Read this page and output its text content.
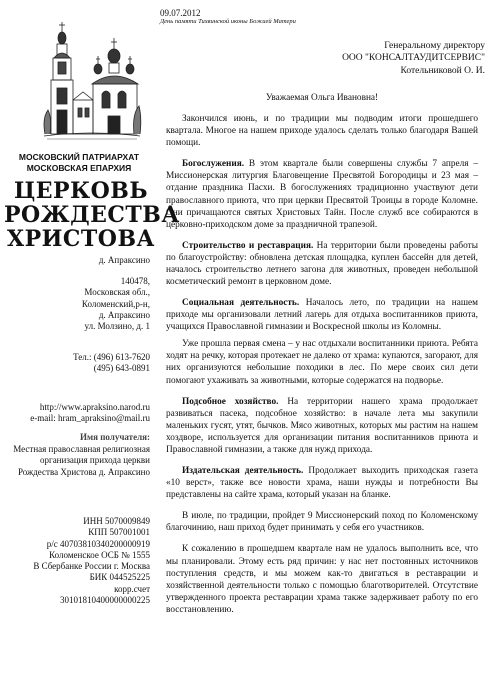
09.07.2012
День памяти Тихвинской иконы Божией Матери
МОСКОВСКИЙ ПАТРИАРХАТ
МОСКОВСКАЯ ЕПАРХИЯ
ЦЕРКОВЬ
РОЖДЕСТВА
ХРИСТОВА
д. Апраксино
140478,
Московская обл.,
Коломенский,р-н,
д. Апраксино
ул. Молзино, д. 1
Тел.: (496) 613-7620
(495) 643-0891
http://www.apraksino.narod.ru
e-mail: hram_apraksino@mail.ru
Имя получателя:
Местная православная религиозная организация прихода церкви Рождества Христова д. Апраксино
ИНН 5070009849
КПП 507001001
р/с 40703810340200000919
Коломенское ОСБ № 1555
В Сбербанке России г. Москва
БИК 044525225
корр.счет
30101810400000000225
Генеральному директору
ООО "КОНСАЛТАУДИТСЕРВИС"
Котельниковой О. И.

Уважаемая Ольга Ивановна!

Закончился июнь, и по традиции мы подводим итоги прошедшего квартала. Многое на нашем приходе удалось сделать только благодаря Вашей помощи.

Богослужения. В этом квартале были совершены службы 7 апреля – Миссионерская литургия Благовещение Пресвятой Богородицы и 23 мая – отдание праздника Пасхи. В богослужениях традиционно участвуют дети православного приюта, что при церкви Пресвятой Троицы в городе Коломне. Они причащаются святых Христовых Тайн. После служб все собираются в церковно-приходском доме за праздничной трапезой.

Строительство и реставрация. На территории были проведены работы по благоустройству: обновлена детская площадка, куплен бассейн для детей, началось строительство летнего загона для животных, проведен небольшой косметический ремонт в церковном доме.

Социальная деятельность. Началось лето, по традиции на нашем приходе мы организовали летний лагерь для отдыха воспитанников приюта, учащихся Православной гимназии и Воскресной школы из Коломны.

Уже прошла первая смена – у нас отдыхали воспитанники приюта. Ребята ходят на речку, которая протекает не далеко от храма: купаются, загорают, для них организуются небольшие походики в лес. По мере своих сил дети помогают ухаживать за животными, которые содержатся на подворье.

Подсобное хозяйство. На территории нашего храма продолжает развиваться пасека, подсобное хозяйство: в начале лета мы закупили маленьких гусят, утят, бычков. Мясо животных, которых мы растим на нашем хоздворе, используется для организации питания воспитанников приюта и Православной гимназии, а также для нужд прихода.

Издательская деятельность. Продолжает выходить приходская газета «10 верст», также все новости храма, наши нужды и потребности Вы представлены на сайте храма, который указан на бланке.

В июле, по традиции, пройдет 9 Миссионерский поход по Коломенскому благочинию, наш приход будет принимать у себя его участников.

К сожалению в прошедшем квартале нам не удалось выполнить все, что мы планировали. Этому есть ряд причин: у нас нет постоянных источников поступления средств, и мы можем как-то двигаться в реставрации и хозяйственной деятельности только с помощью благотворителей. Отсутствие утвержденного проекта реставрации храма также задерживает работу по его восстановлению.
